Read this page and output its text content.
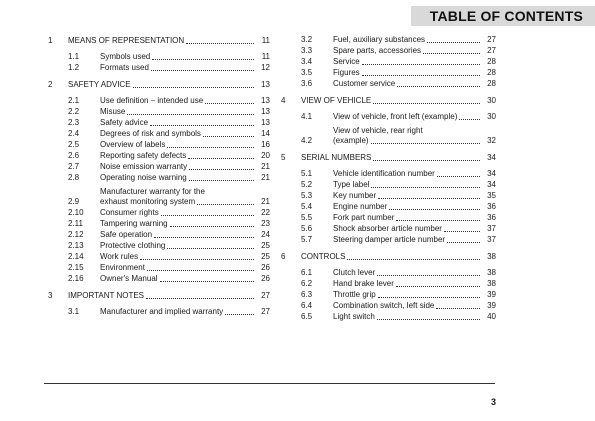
TABLE OF CONTENTS
1	MEANS OF REPRESENTATION	11
1.1	Symbols used	11
1.2	Formats used	12
2	SAFETY ADVICE	13
2.1	Use definition – intended use	13
2.2	Misuse	13
2.3	Safety advice	13
2.4	Degrees of risk and symbols	14
2.5	Overview of labels	16
2.6	Reporting safety defects	20
2.7	Noise emission warranty	21
2.8	Operating noise warning	21
2.9
Manufacturer warranty for the
exhaust monitoring system	21
2.10	Consumer rights	22
2.11	Tampering warning	23
2.12	Safe operation	24
2.13	Protective clothing	25
2.14	Work rules	25
2.15	Environment	26
2.16	Owner's Manual	26
3	IMPORTANT NOTES	27
3.1	Manufacturer and implied warranty	27
3.2	Fuel, auxiliary substances	27
3.3	Spare parts, accessories	27
3.4	Service	28
3.5	Figures	28
3.6	Customer service	28
4	VIEW OF VEHICLE	30
4.1	View of vehicle, front left (example)	30
4.2
View of vehicle, rear right
(example)	32
5	SERIAL NUMBERS	34
5.1	Vehicle identification number	34
5.2	Type label	34
5.3	Key number	35
5.4	Engine number	36
5.5	Fork part number	36
5.6	Shock absorber article number	37
5.7	Steering damper article number	37
6	CONTROLS	38
6.1	Clutch lever	38
6.2	Hand brake lever	38
6.3	Throttle grip	39
6.4	Combination switch, left side	39
6.5	Light switch	40
3
